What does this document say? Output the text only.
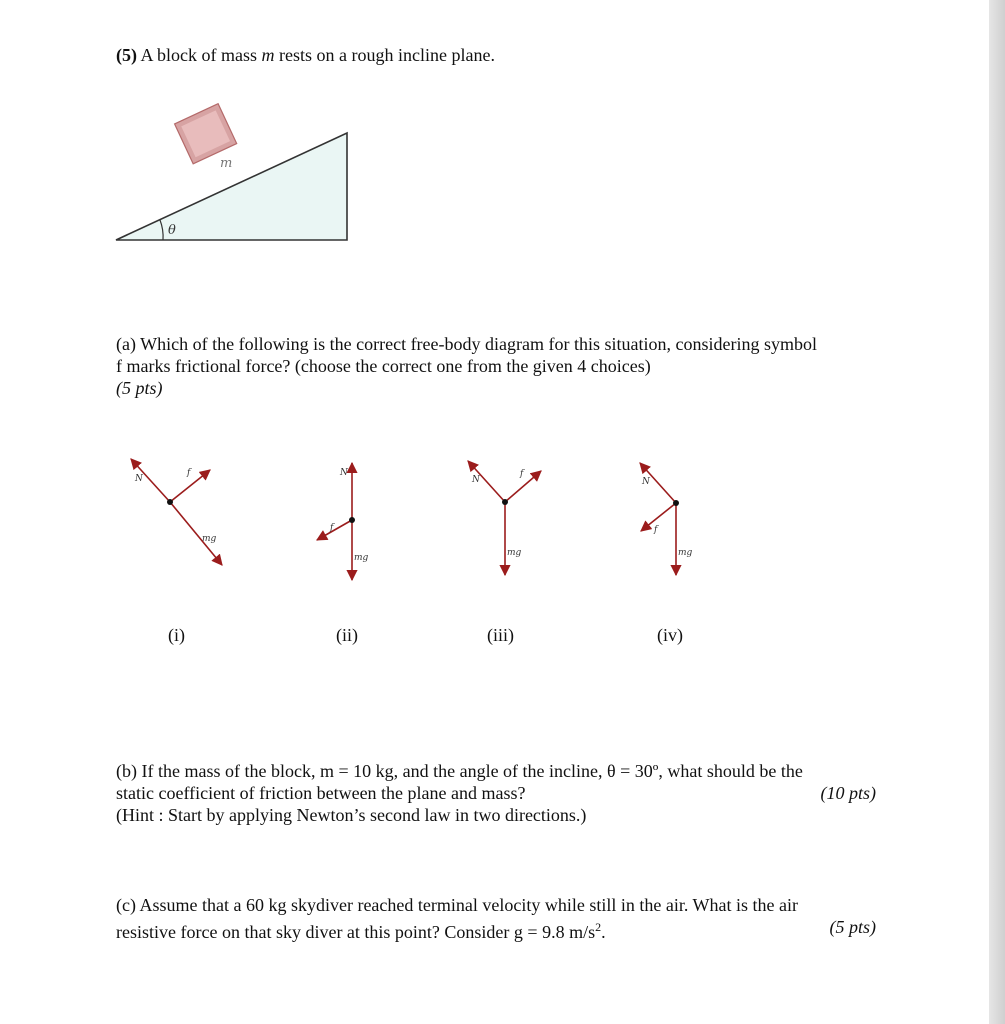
(5) A block of mass m rests on a rough incline plane.
m
θ
(a) Which of the following is the correct free-body diagram for this situation, considering symbol
f marks frictional force? (choose the correct one from the given 4 choices)
(5 pts)
N
f
mg
N
f
mg
N
f
mg
N
f
mg
(i)	(ii)	(iii)	(iv)
(b) If the mass of the block, m = 10 kg, and the angle of the incline, θ = 30º, what should be the
static coefficient of friction between the plane and mass?	(10 pts)
(Hint : Start by applying Newton’s second law in two directions.)
(c) Assume that a 60 kg skydiver reached terminal velocity while still in the air. What is the air
resistive force on that sky diver at this point? Consider g = 9.8 $m/s^2$.	(5 pts)
